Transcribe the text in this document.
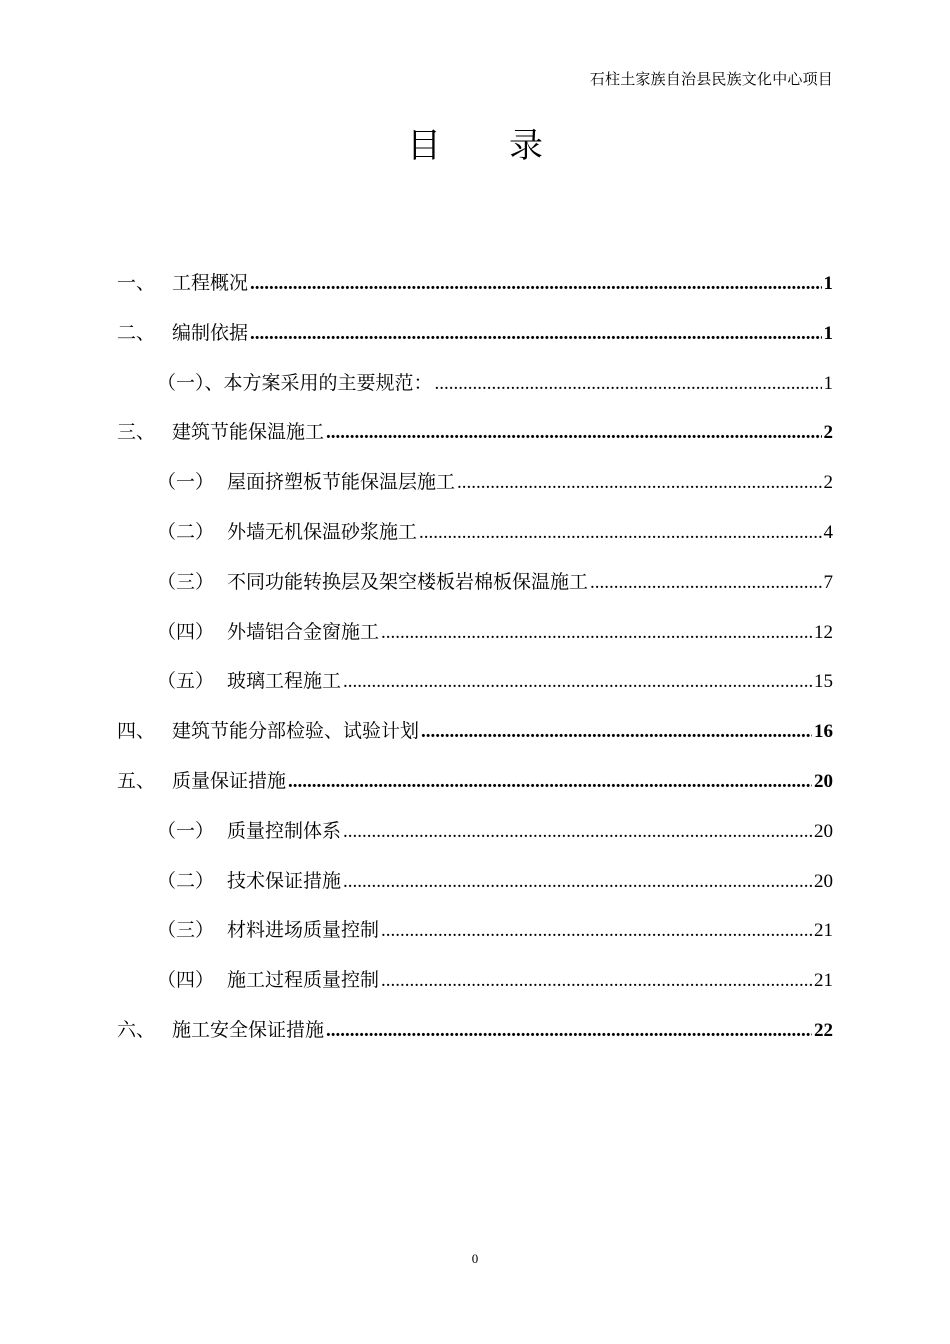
石柱土家族自治县民族文化中心项目
目 录
一、 工程概况 .....	1
二、 编制依据 .....	1
（一）、 本方案采用的主要规范： .....	1
三、 建筑节能保温施工 .....	2
（一） 屋面挤塑板节能保温层施工 .....	2
（二） 外墙无机保温砂浆施工 .....	4
（三） 不同功能转换层及架空楼板岩棉板保温施工 .....	7
（四） 外墙铝合金窗施工 .....	12
（五） 玻璃工程施工 .....	15
四、 建筑节能分部检验、试验计划 .....	16
五、 质量保证措施 .....	20
（一） 质量控制体系 .....	20
（二） 技术保证措施 .....	20
（三） 材料进场质量控制 .....	21
（四） 施工过程质量控制 .....	21
六、 施工安全保证措施 .....	22
0
